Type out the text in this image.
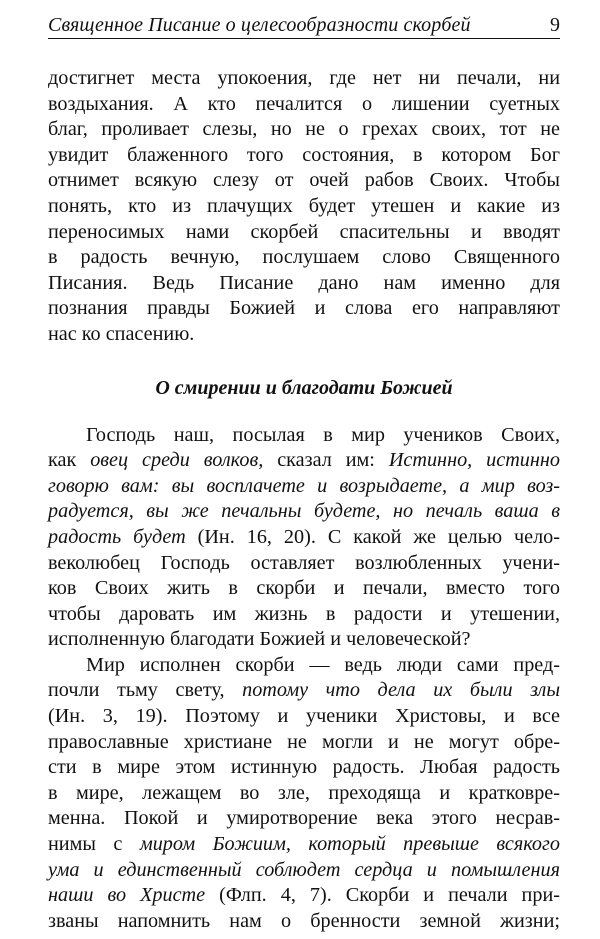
Священное Писание о целесообразности скорбей	9
достигнет места упокоения, где нет ни печали, ни
воздыхания. А кто печалится о лишении суетных
благ, проливает слезы, но не о грехах своих, тот не
увидит блаженного того состояния, в котором Бог
отнимет всякую слезу от очей рабов Своих. Чтобы
понять, кто из плачущих будет утешен и какие из
переносимых нами скорбей спасительны и вводят
в радость вечную, послушаем слово Священного
Писания. Ведь Писание дано нам именно для
познания правды Божией и слова его направляют
нас ко спасению.
О смирении и благодати Божией
Господь наш, посылая в мир учеников Своих,
как овец среди волков, сказал им: Истинно, истинно
говорю вам: вы восплачете и возрыдаете, а мир воз-
радуется, вы же печальны будете, но печаль ваша в
радость будет (Ин. 16, 20). С какой же целью чело-
веколюбец Господь оставляет возлюбленных учени-
ков Своих жить в скорби и печали, вместо того
чтобы даровать им жизнь в радости и утешении,
исполненную благодати Божией и человеческой?
Мир исполнен скорби — ведь люди сами пред-
почли тьму свету, потому что дела их были злы
(Ин. 3, 19). Поэтому и ученики Христовы, и все
православные христиане не могли и не могут обре-
сти в мире этом истинную радость. Любая радость
в мире, лежащем во зле, преходяща и кратковре-
менна. Покой и умиротворение века этого несрав-
нимы с миром Божиим, который превыше всякого
ума и единственный соблюдет сердца и помышления
наши во Христе (Флп. 4, 7). Скорби и печали при-
званы напомнить нам о бренности земной жизни;
